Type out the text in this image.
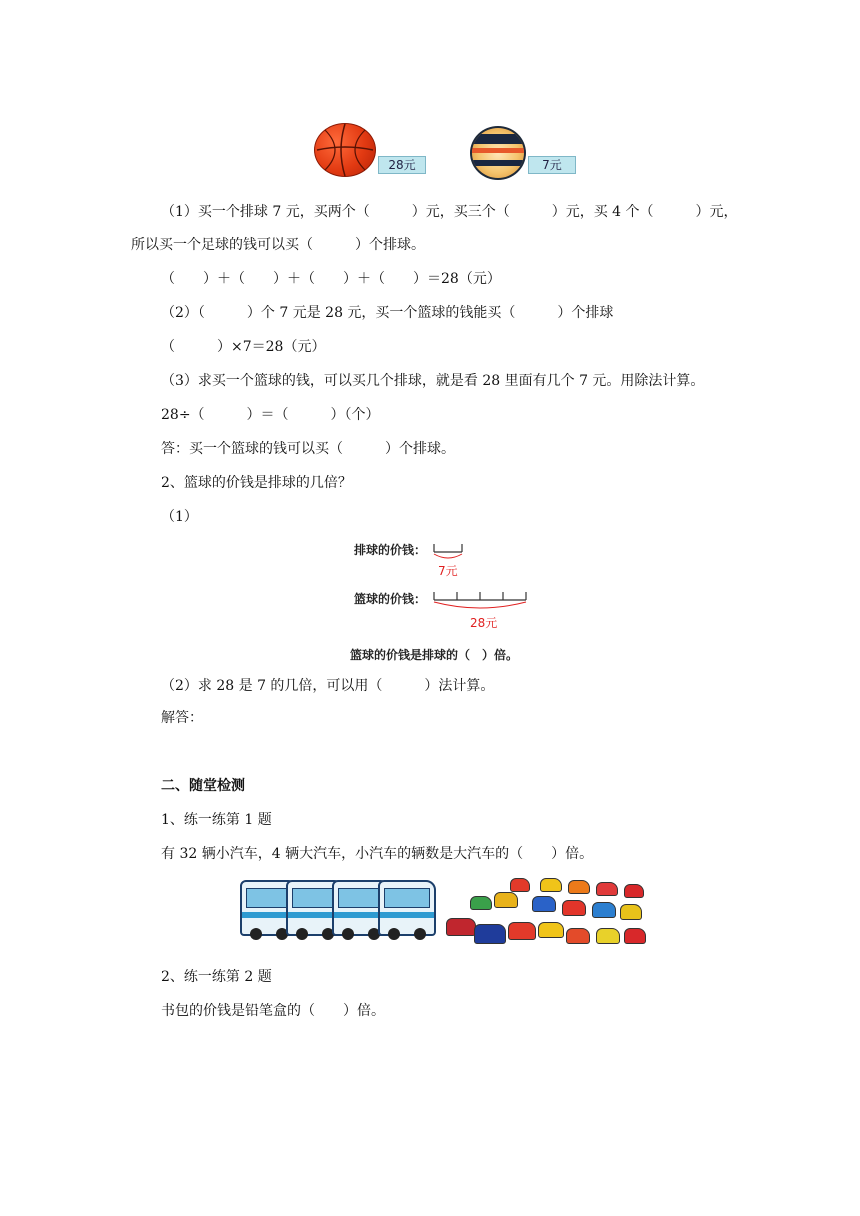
28元	7元
（1）买一个排球 7 元，买两个（　　　）元，买三个（　　　）元，买 4 个（　　　）元，
所以买一个足球的钱可以买（　　　）个排球。
（　　）＋（　　）＋（　　）＋（　　）＝28（元）
（2）（　　　）个 7 元是 28 元，买一个篮球的钱能买（　　　）个排球
（　　　）×7＝28（元）
（3）求买一个篮球的钱，可以买几个排球，就是看 28 里面有几个 7 元。用除法计算。
28÷（　　　）＝（　　　）（个）
答：买一个篮球的钱可以买（　　　）个排球。
2、篮球的价钱是排球的几倍？
（1）
排球的价钱：
7元
篮球的价钱：
28元
篮球的价钱是排球的（　）倍。
（2）求 28 是 7 的几倍，可以用（　　　）法计算。
解答：
二、随堂检测
1、练一练第 1 题
有 32 辆小汽车，4 辆大汽车，小汽车的辆数是大汽车的（　　）倍。
2、练一练第 2 题
书包的价钱是铅笔盒的（　　）倍。
